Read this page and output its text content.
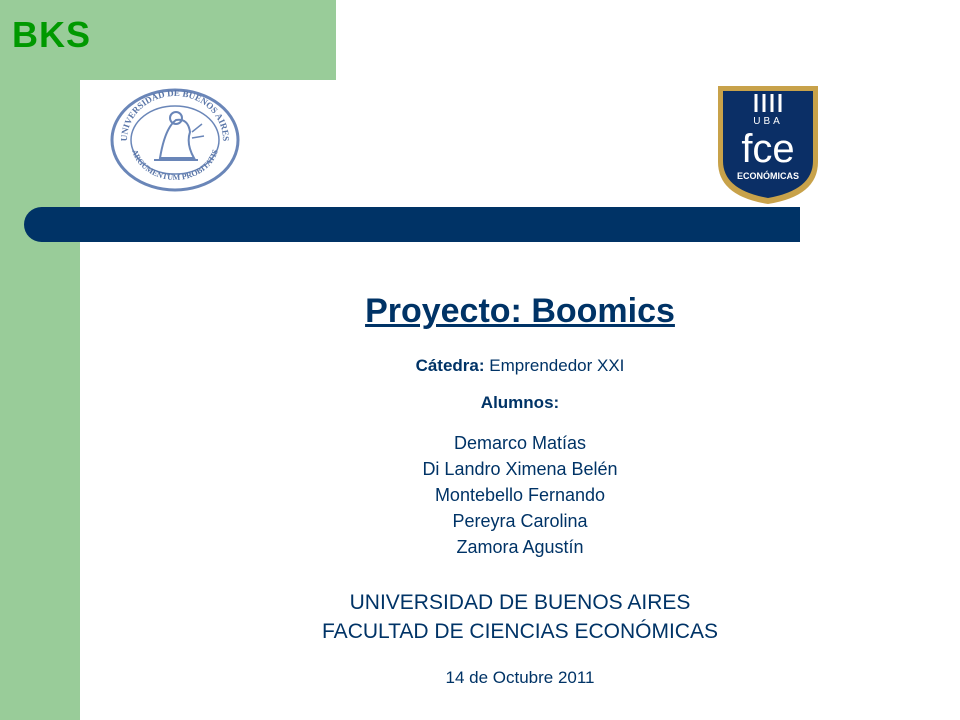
BKS
UNIVERSIDAD DE BUENOS AIRES
ARGUMENTUM PROBITATIS
UBA
fce
ECONÓMICAS
Proyecto: Boomics
Cátedra: Emprendedor XXI
Alumnos:
Demarco Matías
Di Landro Ximena Belén
Montebello Fernando
Pereyra Carolina
Zamora Agustín
UNIVERSIDAD DE BUENOS AIRES
FACULTAD DE CIENCIAS ECONÓMICAS
14 de Octubre 2011
